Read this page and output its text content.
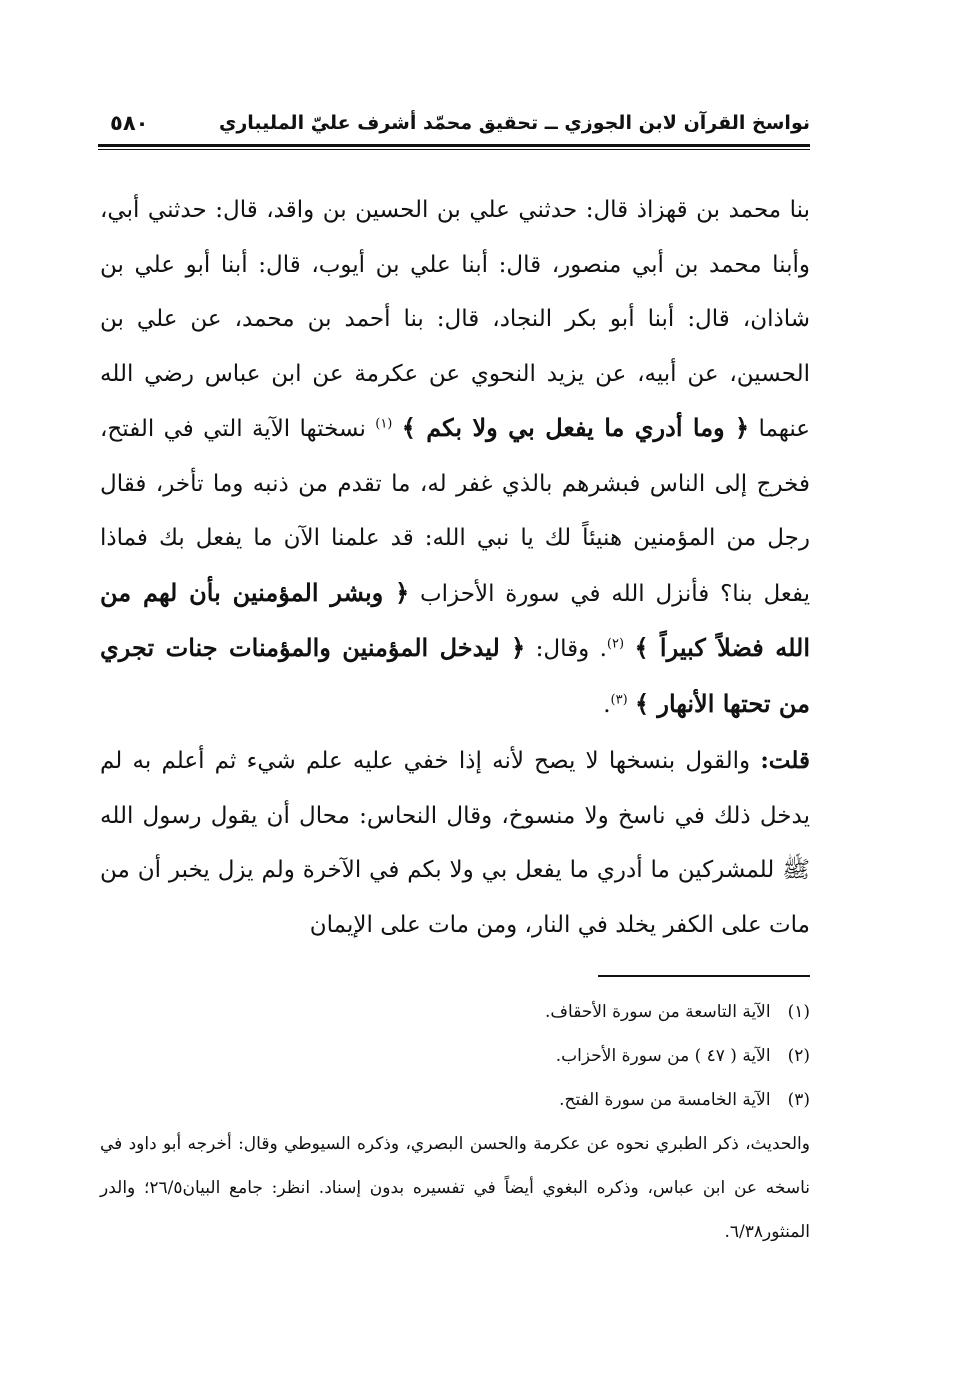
نواسخ القرآن لابن الجوزي ــ تحقيق محمّد أشرف عليّ المليباري
٥٨٠

بنا محمد بن قهزاذ قال: حدثني علي بن الحسين بن واقد، قال: حدثني أبي، وأبنا محمد بن أبي منصور، قال: أبنا علي بن أيوب، قال: أبنا أبو علي بن شاذان، قال: أبنا أبو بكر النجاد، قال: بنا أحمد بن محمد، عن علي بن الحسين، عن أبيه، عن يزيد النحوي عن عكرمة عن ابن عباس رضي الله عنهما ﴿ وما أدري ما يفعل بي ولا بكم ﴾ $^{(١)}$ نسختها الآية التي في الفتح، فخرج إلى الناس فبشرهم بالذي غفر له، ما تقدم من ذنبه وما تأخر، فقال رجل من المؤمنين هنيئاً لك يا نبي الله: قد علمنا الآن ما يفعل بك فماذا يفعل بنا؟ فأنزل الله في سورة الأحزاب ﴿ وبشر المؤمنين بأن لهم من الله فضلاً كبيراً ﴾ $^{(٢)}$. وقال: ﴿ ليدخل المؤمنين والمؤمنات جنات تجري من تحتها الأنهار ﴾ $^{(٣)}$.

قلت: والقول بنسخها لا يصح لأنه إذا خفي عليه علم شيء ثم أعلم به لم يدخل ذلك في ناسخ ولا منسوخ، وقال النحاس: محال أن يقول رسول الله ﷺ للمشركين ما أدري ما يفعل بي ولا بكم في الآخرة ولم يزل يخبر أن من مات على الكفر يخلد في النار، ومن مات على الإيمان

(١) الآية التاسعة من سورة الأحقاف.

(٢) الآية ( ٤٧ ) من سورة الأحزاب.

(٣) الآية الخامسة من سورة الفتح.

والحديث، ذكر الطبري نحوه عن عكرمة والحسن البصري، وذكره السيوطي وقال: أخرجه أبو داود في ناسخه عن ابن عباس، وذكره البغوي أيضاً في تفسيره بدون إسناد. انظر: جامع البيان٢٦/٥؛ والدر المنثور٦/٣٨.
